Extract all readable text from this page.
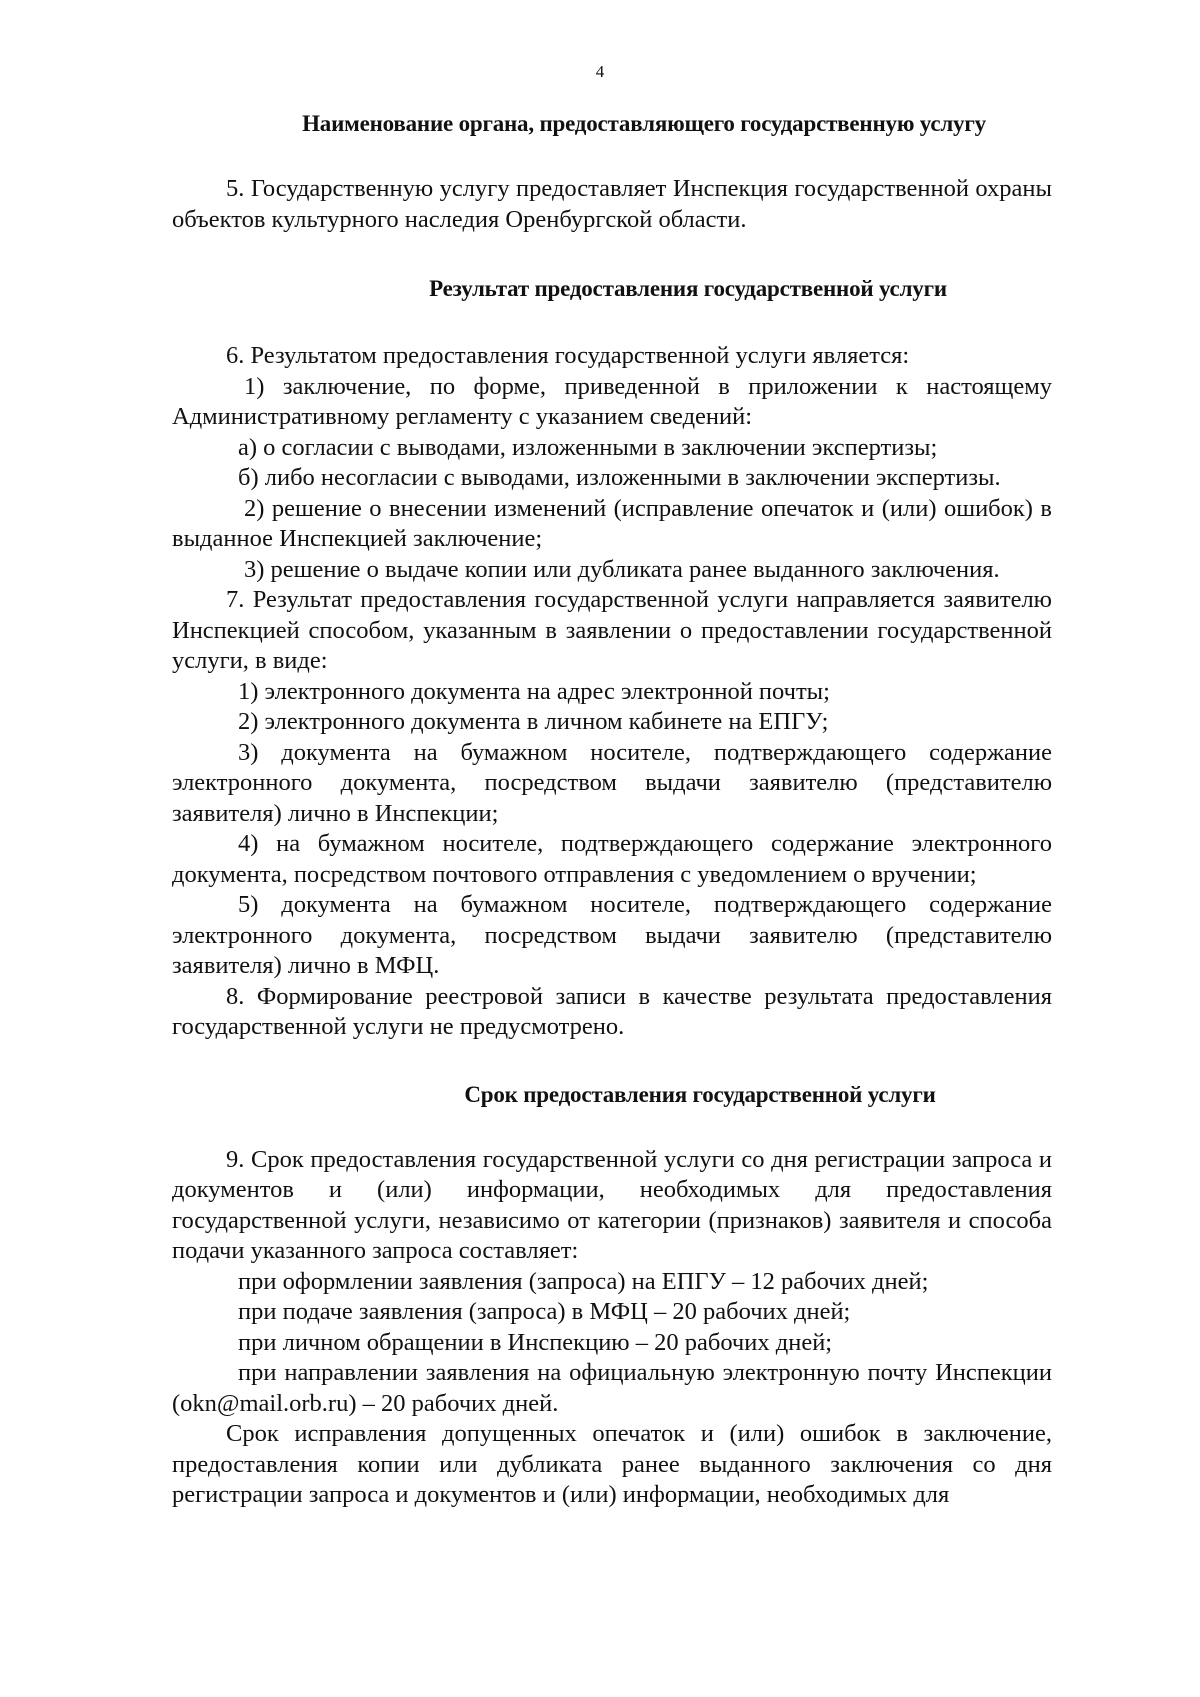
4
Наименование органа, предоставляющего государственную услугу
5. Государственную услугу предоставляет Инспекция государственной охраны объектов культурного наследия Оренбургской области.
Результат предоставления государственной услуги
6. Результатом предоставления государственной услуги является:
1) заключение, по форме, приведенной в приложении к настоящему Административному регламенту с указанием сведений:
а) о согласии с выводами, изложенными в заключении экспертизы;
б) либо несогласии с выводами, изложенными в заключении экспертизы.
2) решение о внесении изменений (исправление опечаток и (или) ошибок) в выданное Инспекцией заключение;
3) решение о выдаче копии или дубликата ранее выданного заключения.
7. Результат предоставления государственной услуги направляется заявителю Инспекцией способом, указанным в заявлении о предоставлении государственной услуги, в виде:
1) электронного документа на адрес электронной почты;
2) электронного документа в личном кабинете на ЕПГУ;
3) документа на бумажном носителе, подтверждающего содержание электронного документа, посредством выдачи заявителю (представителю заявителя) лично в Инспекции;
4) на бумажном носителе, подтверждающего содержание электронного документа, посредством почтового отправления с уведомлением о вручении;
5) документа на бумажном носителе, подтверждающего содержание электронного документа, посредством выдачи заявителю (представителю заявителя) лично в МФЦ.
8. Формирование реестровой записи в качестве результата предоставления государственной услуги не предусмотрено.
Срок предоставления государственной услуги
9. Срок предоставления государственной услуги со дня регистрации запроса и документов и (или) информации, необходимых для предоставления государственной услуги, независимо от категории (признаков) заявителя и способа подачи указанного запроса составляет:
при оформлении заявления (запроса) на ЕПГУ – 12 рабочих дней;
при подаче заявления (запроса) в МФЦ – 20 рабочих дней;
при личном обращении в Инспекцию – 20 рабочих дней;
при направлении заявления на официальную электронную почту Инспекции (okn@mail.orb.ru) – 20 рабочих дней.
Срок исправления допущенных опечаток и (или) ошибок в заключение, предоставления копии или дубликата ранее выданного заключения со дня регистрации запроса и документов и (или) информации, необходимых для
